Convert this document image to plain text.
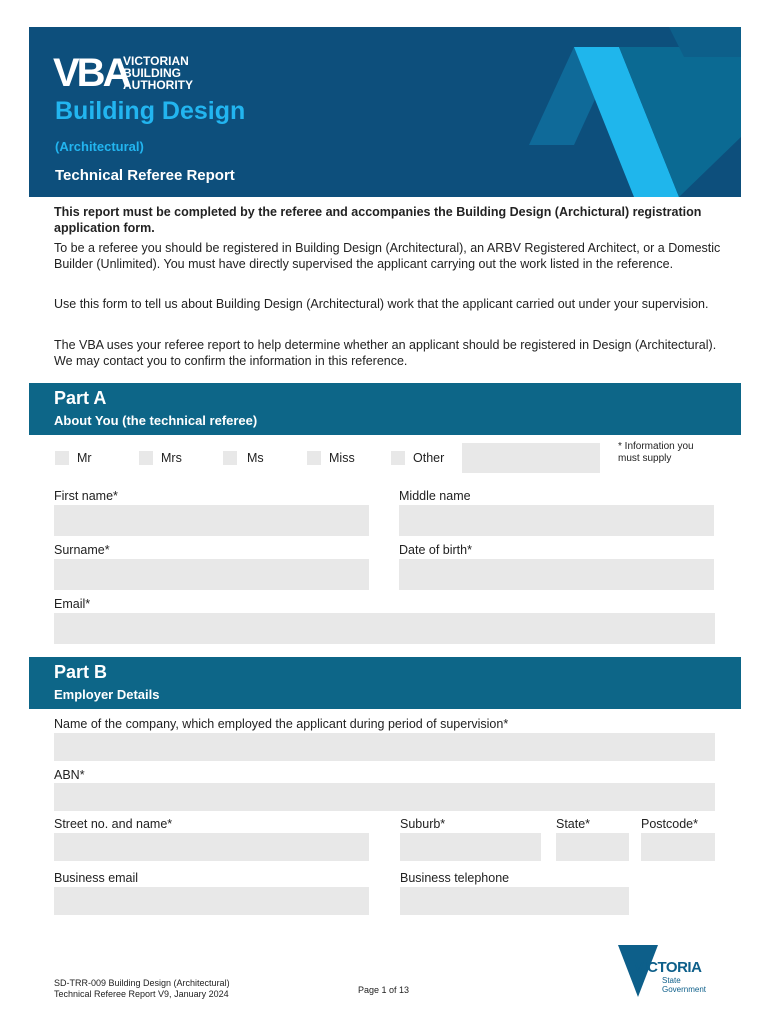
VBA
VICTORIAN
BUILDING
AUTHORITY
Building Design
(Architectural)
Technical Referee Report

This report must be completed by the referee and accompanies the Building Design (Archictural) registration application form.

To be a referee you should be registered in Building Design (Architectural), an ARBV Registered Architect, or a Domestic Builder (Unlimited). You must have directly supervised the applicant carrying out the work listed in the reference.

Use this form to tell us about Building Design (Architectural) work that the applicant carried out under your supervision.

The VBA uses your referee report to help determine whether an applicant should be registered in Design (Architectural). We may contact you to confirm the information in this reference.

Part A
About You (the technical referee)
Mr	Mrs	Ms	Miss	Other
* Information you must supply
First name*	Middle name
Surname*	Date of birth*
Email*
Part B
Employer Details
Name of the company, which employed the applicant during period of supervision*
ABN*
Street no. and name*	Suburb*	State*	Postcode*
Business email	Business telephone
SD-TRR-009 Building Design (Architectural)
Technical Referee Report V9, January 2024	Page 1 of 13
VICTORIA
State
Government
